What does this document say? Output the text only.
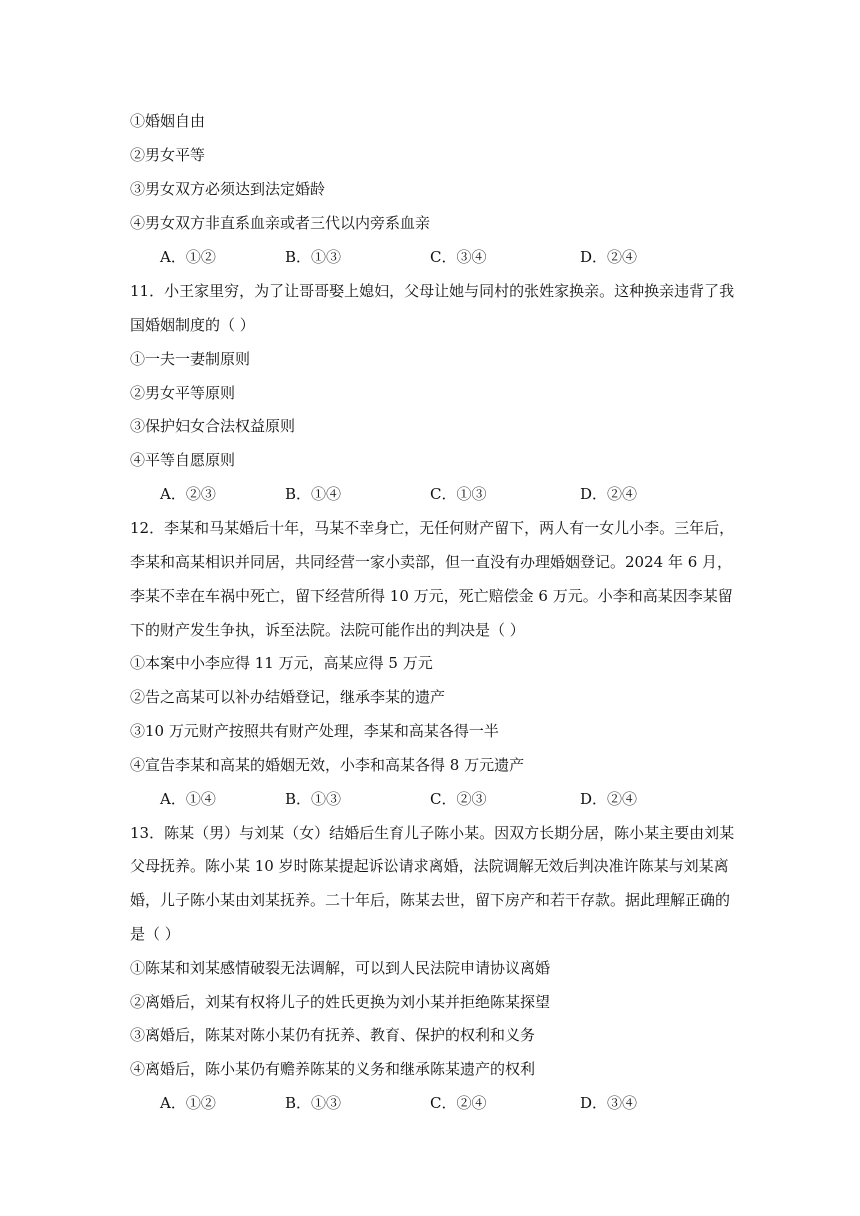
①婚姻自由
②男女平等
③男女双方必须达到法定婚龄
④男女双方非直系血亲或者三代以内旁系血亲
A．①②	B．①③	C．③④	D．②④
11．小王家里穷，为了让哥哥娶上媳妇，父母让她与同村的张姓家换亲。这种换亲违背了我
国婚姻制度的（ ）
①一夫一妻制原则
②男女平等原则
③保护妇女合法权益原则
④平等自愿原则
A．②③	B．①④	C．①③	D．②④
12．李某和马某婚后十年，马某不幸身亡，无任何财产留下，两人有一女儿小李。三年后，
李某和高某相识并同居，共同经营一家小卖部，但一直没有办理婚姻登记。2024 年 6 月，
李某不幸在车祸中死亡，留下经营所得 10 万元，死亡赔偿金 6 万元。小李和高某因李某留
下的财产发生争执，诉至法院。法院可能作出的判决是（ ）
①本案中小李应得 11 万元，高某应得 5 万元
②告之高某可以补办结婚登记，继承李某的遗产
③10 万元财产按照共有财产处理，李某和高某各得一半
④宣告李某和高某的婚姻无效，小李和高某各得 8 万元遗产
A．①④	B．①③	C．②③	D．②④
13．陈某（男）与刘某（女）结婚后生育儿子陈小某。因双方长期分居，陈小某主要由刘某
父母抚养。陈小某 10 岁时陈某提起诉讼请求离婚，法院调解无效后判决准许陈某与刘某离
婚，儿子陈小某由刘某抚养。二十年后，陈某去世，留下房产和若干存款。据此理解正确的
是（ ）
①陈某和刘某感情破裂无法调解，可以到人民法院申请协议离婚
②离婚后，刘某有权将儿子的姓氏更换为刘小某并拒绝陈某探望
③离婚后，陈某对陈小某仍有抚养、教育、保护的权利和义务
④离婚后，陈小某仍有赡养陈某的义务和继承陈某遗产的权利
A．①②	B．①③	C．②④	D．③④
